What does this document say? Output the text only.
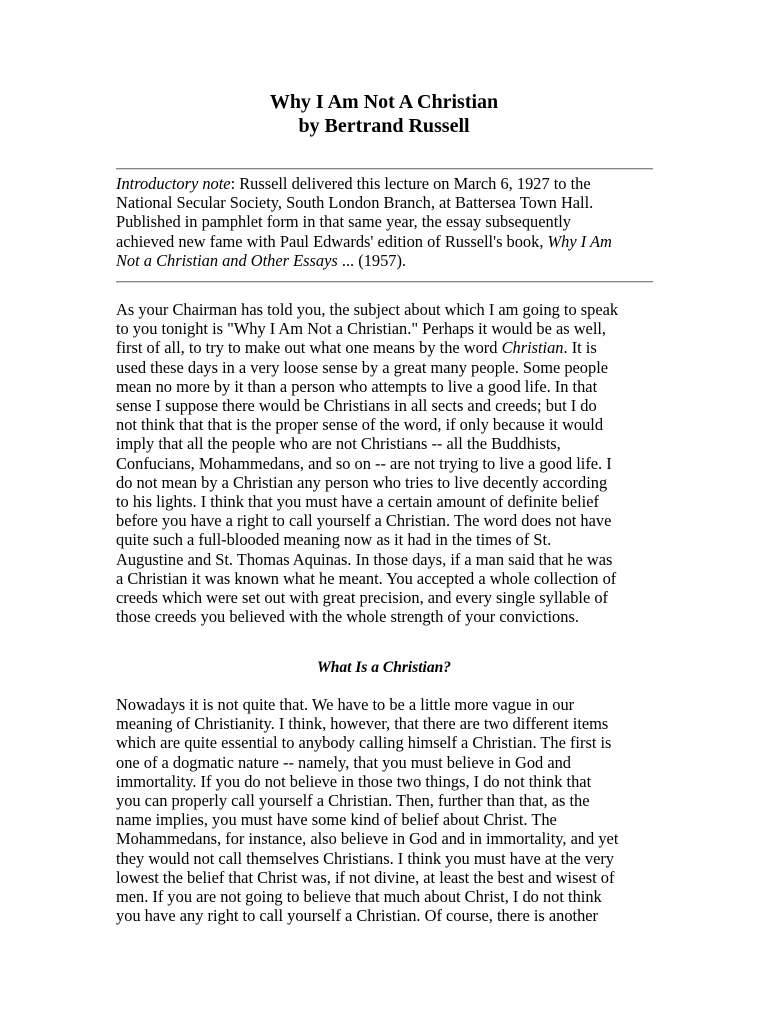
Why I Am Not A Christian
by Bertrand Russell

Introductory note: Russell delivered this lecture on March 6, 1927 to the
National Secular Society, South London Branch, at Battersea Town Hall.
Published in pamphlet form in that same year, the essay subsequently
achieved new fame with Paul Edwards' edition of Russell's book, Why I Am
Not a Christian and Other Essays ... (1957).

As your Chairman has told you, the subject about which I am going to speak
to you tonight is "Why I Am Not a Christian." Perhaps it would be as well,
first of all, to try to make out what one means by the word Christian. It is
used these days in a very loose sense by a great many people. Some people
mean no more by it than a person who attempts to live a good life. In that
sense I suppose there would be Christians in all sects and creeds; but I do
not think that that is the proper sense of the word, if only because it would
imply that all the people who are not Christians -- all the Buddhists,
Confucians, Mohammedans, and so on -- are not trying to live a good life. I
do not mean by a Christian any person who tries to live decently according
to his lights. I think that you must have a certain amount of definite belief
before you have a right to call yourself a Christian. The word does not have
quite such a full-blooded meaning now as it had in the times of St.
Augustine and St. Thomas Aquinas. In those days, if a man said that he was
a Christian it was known what he meant. You accepted a whole collection of
creeds which were set out with great precision, and every single syllable of
those creeds you believed with the whole strength of your convictions.

What Is a Christian?

Nowadays it is not quite that. We have to be a little more vague in our
meaning of Christianity. I think, however, that there are two different items
which are quite essential to anybody calling himself a Christian. The first is
one of a dogmatic nature -- namely, that you must believe in God and
immortality. If you do not believe in those two things, I do not think that
you can properly call yourself a Christian. Then, further than that, as the
name implies, you must have some kind of belief about Christ. The
Mohammedans, for instance, also believe in God and in immortality, and yet
they would not call themselves Christians. I think you must have at the very
lowest the belief that Christ was, if not divine, at least the best and wisest of
men. If you are not going to believe that much about Christ, I do not think
you have any right to call yourself a Christian. Of course, there is another
